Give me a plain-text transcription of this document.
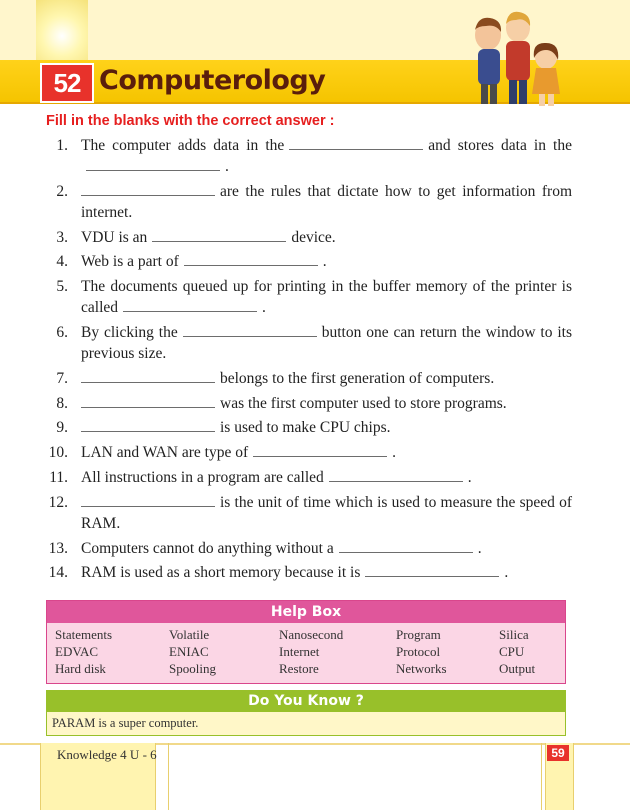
52 Computerology
Fill in the blanks with the correct answer :
1. The computer adds data in the	and stores data in the.
2.	are the rules that dictate how to get information from internet.
3. VDU is an	device.
4. Web is a part of	.
5. The documents queued up for printing in the buffer memory of the printer is called	.
6. By clicking the	button one can return the window to its previous size.
7.	belongs to the first generation of computers.
8.	was the first computer used to store programs.
9.	is used to make CPU chips.
10. LAN and WAN are type of	.
11. All instructions in a program are called	.
12.	is the unit of time which is used to measure the speed of RAM.
13. Computers cannot do anything without a	.
14. RAM is used as a short memory because it is	.
Help Box
Statements	Volatile	Nanosecond	Program	Silica
EDVAC	ENIAC	Internet	Protocol	CPU
Hard disk	Spooling	Restore	Networks	Output
Do You Know ?
PARAM is a super computer.
Knowledge 4 U - 6	59
